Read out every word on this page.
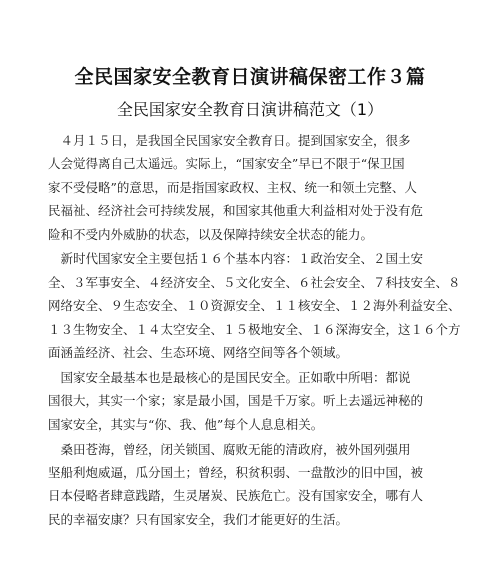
全民国家安全教育日演讲稿保密工作３篇
全民国家安全教育日演讲稿范文（1）
　４月１５日，是我国全民国家安全教育日。提到国家安全，很多
人会觉得离自己太遥远。实际上，“国家安全”早已不限于“保卫国
家不受侵略”的意思，而是指国家政权、主权、统一和领土完整、人
民福祉、经济社会可持续发展，和国家其他重大利益相对处于没有危
险和不受内外威胁的状态，以及保障持续安全状态的能力。
　新时代国家安全主要包括１６个基本内容：１政治安全、２国土安
全、３军事安全、４经济安全、５文化安全、６社会安全、７科技安全、８
网络安全、９生态安全、１０资源安全、１１核安全、１２海外利益安全、
１３生物安全、１４太空安全、１５极地安全、１６深海安全，这１６个方
面涵盖经济、社会、生态环境、网络空间等各个领域。
　国家安全最基本也是最核心的是国民安全。正如歌中所唱：都说
国很大，其实一个家；家是最小国，国是千万家。听上去遥远神秘的
国家安全，其实与“你、我、他”每个人息息相关。
　桑田苍海，曾经，闭关锁国、腐败无能的清政府，被外国列强用
坚船利炮威逼，瓜分国土；曾经，积贫积弱、一盘散沙的旧中国，被
日本侵略者肆意践踏，生灵屠炭、民族危亡。没有国家安全，哪有人
民的幸福安康？只有国家安全，我们才能更好的生活。
